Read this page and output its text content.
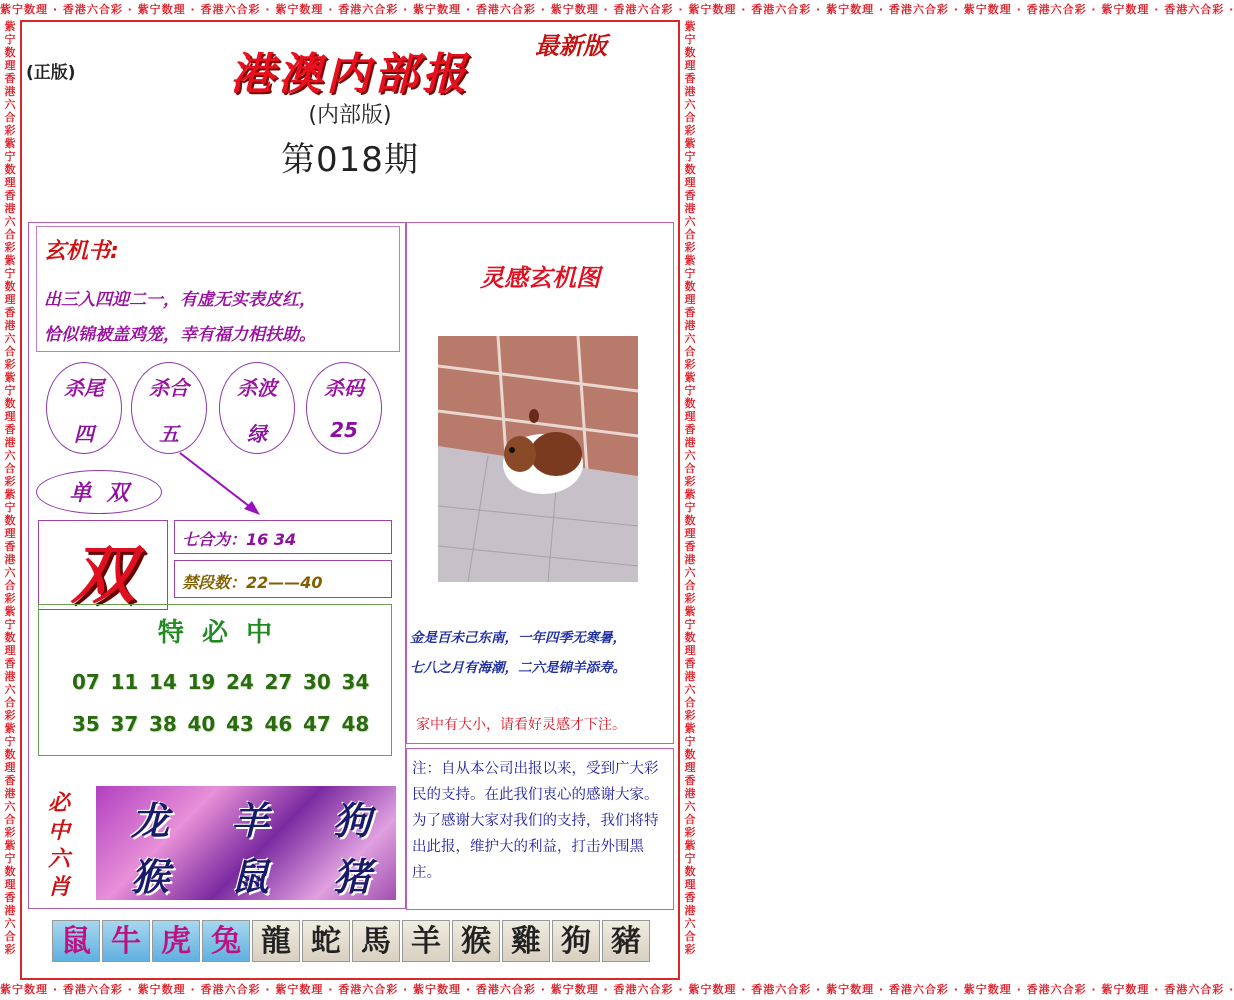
紫宁数理 · 香港六合彩 · 紫宁数理 · 香港六合彩 · 紫宁数理 · 香港六合彩 · 紫宁数理 · 香港六合彩 · 紫宁数理 · 香港六合彩 · 紫宁数理 · 香港六合彩 · 紫宁数理 · 香港六合彩 · 紫宁数理 · 香港六合彩 · 紫宁数理 · 香港六合彩 ·
紫宁数理 · 香港六合彩 · 紫宁数理 · 香港六合彩 · 紫宁数理 · 香港六合彩 · 紫宁数理 · 香港六合彩 · 紫宁数理 · 香港六合彩 · 紫宁数理 · 香港六合彩 · 紫宁数理 · 香港六合彩 · 紫宁数理 · 香港六合彩 · 紫宁数理 · 香港六合彩 ·
紫
宁
数
理
香
港
六
合
彩
紫
宁
数
理
香
港
六
合
彩
紫
宁
数
理
香
港
六
合
彩
紫
宁
数
理
香
港
六
合
彩
紫
宁
数
理
香
港
六
合
彩
紫
宁
数
理
香
港
六
合
彩
紫
宁
数
理
香
港
六
合
彩
紫
宁
数
理
香
港
六
合
彩
紫
宁
数
理
香
港
六
合
彩
紫
宁
数
理
香
港
六
合
彩
紫
宁
数
理
香
港
六
合
彩
紫
宁
数
理
香
港
六
合
彩
紫
宁
数
理
香
港
六
合
彩
紫
宁
数
理
香
港
六
合
彩
紫
宁
数
理
香
港
六
合
彩
紫
宁
数
理
香
港
六
合
彩
(正版)
最新版
港澳内部报
(内部版)
第018期
玄机书:
出三入四迎二一，有虚无实表皮红，
恰似锦被盖鸡笼，幸有福力相扶助。
杀尾
四
杀合
五
杀波
绿
杀码
25
单  双
双	七合为：16 34
禁段数：22——40
特  必  中
07 11 14 19 24 27 30 34
35 37 38 40 43 46 47 48
必中六肖
龙	羊	狗
猴	鼠	猪
灵感玄机图
金是百未己东南，一年四季无寒暑，
七八之月有海潮，二六是锦羊添寿。
家中有大小，请看好灵感才下注。
注：自从本公司出报以来，受到广大彩民的支持。在此我们衷心的感谢大家。为了感谢大家对我们的支持，我们将特出此报，维护大的利益，打击外围黑庄。
鼠 牛 虎 兔 龍 蛇 馬 羊 猴 雞 狗 豬
